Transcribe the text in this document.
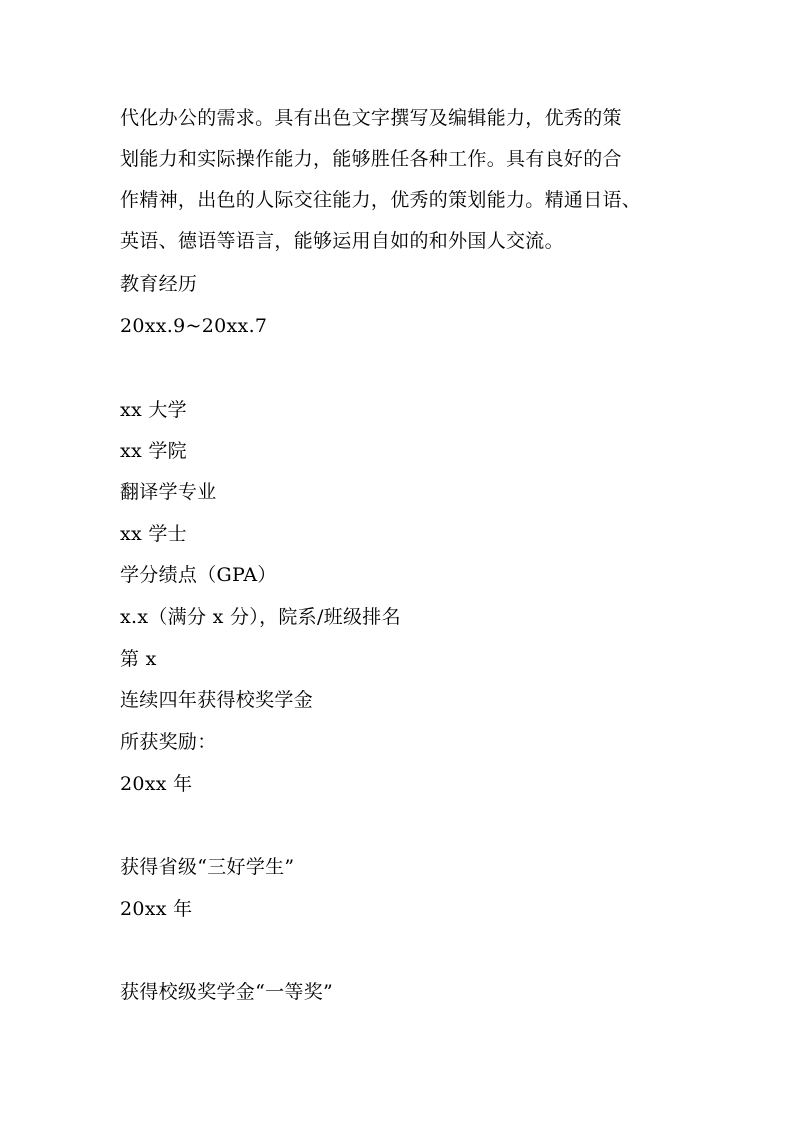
代化办公的需求。具有出色文字撰写及编辑能力，优秀的策
划能力和实际操作能力，能够胜任各种工作。具有良好的合
作精神，出色的人际交往能力，优秀的策划能力。精通日语、
英语、德语等语言，能够运用自如的和外国人交流。
教育经历
20xx.9~20xx.7
xx 大学
xx 学院
翻译学专业
xx 学士
学分绩点（GPA）
x.x（满分 x 分），院系/班级排名
第 x
连续四年获得校奖学金
所获奖励：
20xx 年
获得省级“三好学生”
20xx 年
获得校级奖学金“一等奖”
